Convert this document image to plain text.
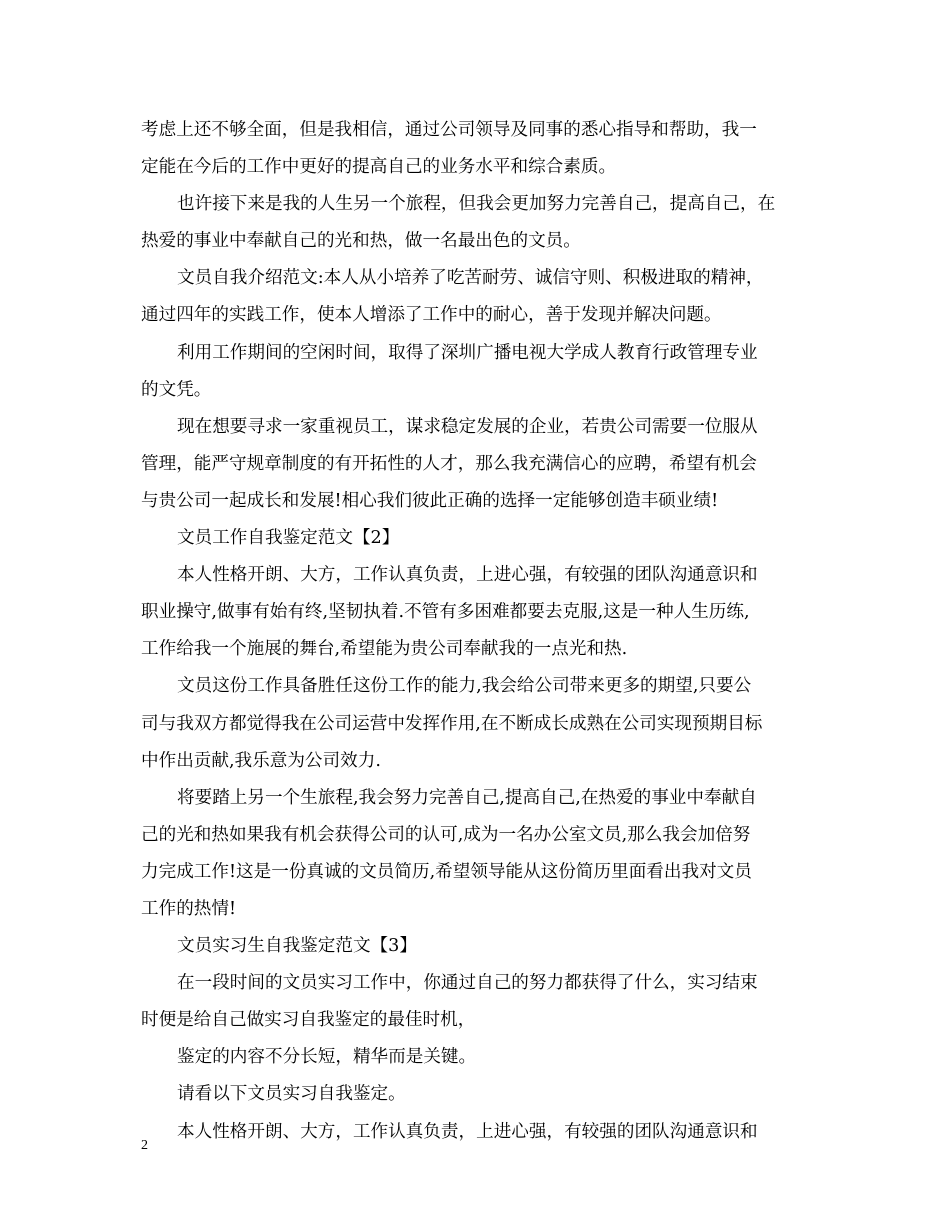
考虑上还不够全面，但是我相信，通过公司领导及同事的悉心指导和帮助，我一
定能在今后的工作中更好的提高自己的业务水平和综合素质。
也许接下来是我的人生另一个旅程，但我会更加努力完善自己，提高自己，在
热爱的事业中奉献自己的光和热，做一名最出色的文员。
文员自我介绍范文:本人从小培养了吃苦耐劳、诚信守则、积极进取的精神，
通过四年的实践工作，使本人增添了工作中的耐心，善于发现并解决问题。
利用工作期间的空闲时间，取得了深圳广播电视大学成人教育行政管理专业
的文凭。
现在想要寻求一家重视员工，谋求稳定发展的企业，若贵公司需要一位服从
管理，能严守规章制度的有开拓性的人才，那么我充满信心的应聘，希望有机会
与贵公司一起成长和发展!相心我们彼此正确的选择一定能够创造丰硕业绩!
文员工作自我鉴定范文【2】
本人性格开朗、大方，工作认真负责，上进心强，有较强的团队沟通意识和
职业操守,做事有始有终,坚韧执着.不管有多困难都要去克服,这是一种人生历练,
工作给我一个施展的舞台,希望能为贵公司奉献我的一点光和热.
文员这份工作具备胜任这份工作的能力,我会给公司带来更多的期望,只要公
司与我双方都觉得我在公司运营中发挥作用,在不断成长成熟在公司实现预期目标
中作出贡献,我乐意为公司效力.
将要踏上另一个生旅程,我会努力完善自己,提高自己,在热爱的事业中奉献自
己的光和热如果我有机会获得公司的认可,成为一名办公室文员,那么我会加倍努
力完成工作!这是一份真诚的文员简历,希望领导能从这份简历里面看出我对文员
工作的热情!
文员实习生自我鉴定范文【3】
在一段时间的文员实习工作中，你通过自己的努力都获得了什么，实习结束
时便是给自己做实习自我鉴定的最佳时机，
鉴定的内容不分长短，精华而是关键。
请看以下文员实习自我鉴定。
本人性格开朗、大方，工作认真负责，上进心强，有较强的团队沟通意识和
2
